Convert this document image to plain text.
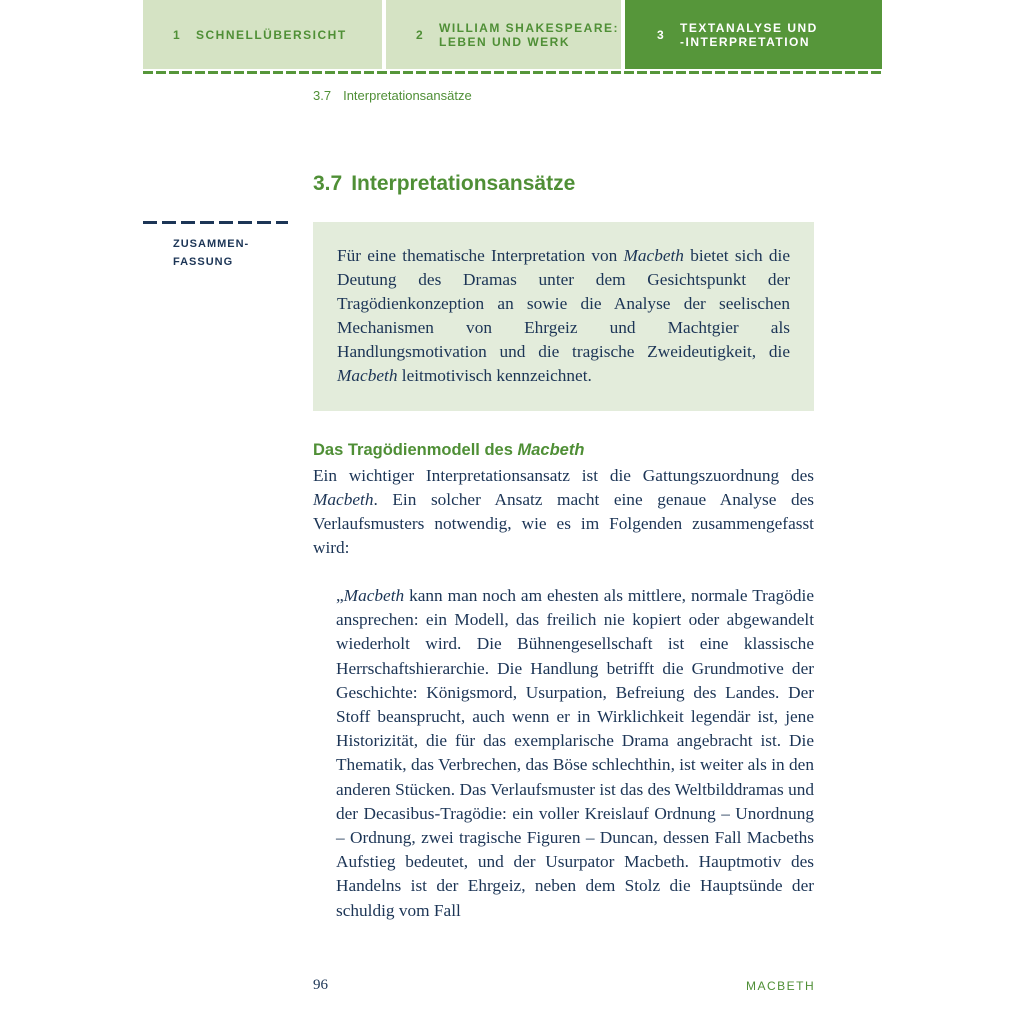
1	SCHNELLÜBERSICHT	2	WILLIAM SHAKESPEARE:
LEBEN UND WERK	3	TEXTANALYSE UND
-INTERPRETATION
3.7 Interpretationsansätze
3.7 Interpretationsansätze
ZUSAMMEN-
FASSUNG	Für eine thematische Interpretation von Macbeth bietet sich die Deutung des Dramas unter dem Gesichtspunkt der Tragödienkonzeption an sowie die Analyse der seelischen Mechanismen von Ehrgeiz und Machtgier als Handlungsmotivation und die tragische Zweideutigkeit, die Macbeth leitmotivisch kennzeichnet.

Das Tragödienmodell des Macbeth

Ein wichtiger Interpretationsansatz ist die Gattungszuordnung des Macbeth. Ein solcher Ansatz macht eine genaue Analyse des Verlaufsmusters notwendig, wie es im Folgenden zusammengefasst wird:

„Macbeth kann man noch am ehesten als mittlere, normale Tragödie ansprechen: ein Modell, das freilich nie kopiert oder abgewandelt wiederholt wird. Die Bühnengesellschaft ist eine klassische Herrschaftshierarchie. Die Handlung betrifft die Grundmotive der Geschichte: Königsmord, Usurpation, Befreiung des Landes. Der Stoff beansprucht, auch wenn er in Wirklichkeit legendär ist, jene Historizität, die für das exemplarische Drama angebracht ist. Die Thematik, das Verbrechen, das Böse schlechthin, ist weiter als in den anderen Stücken. Das Verlaufsmuster ist das des Weltbilddramas und der Decasibus-Tragödie: ein voller Kreislauf Ordnung – Unordnung – Ordnung, zwei tragische Figuren – Duncan, dessen Fall Macbeths Aufstieg bedeutet, und der Usurpator Macbeth. Hauptmotiv des Handelns ist der Ehrgeiz, neben dem Stolz die Hauptsünde der schuldig vom Fall

96	MACBETH
